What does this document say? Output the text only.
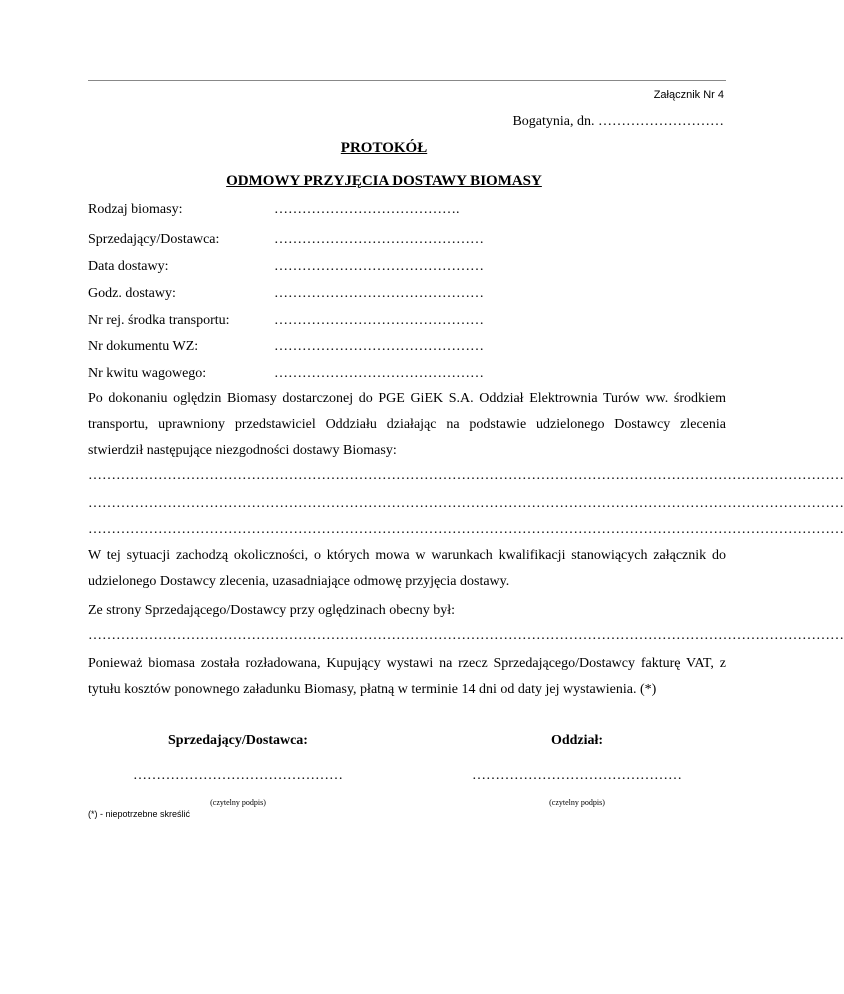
Załącznik Nr 4
Bogatynia, dn. ………………………
PROTOKÓŁ
ODMOWY PRZYJĘCIA DOSTAWY BIOMASY
Rodzaj biomasy:	………………………………….
Sprzedający/Dostawca:	………………………………………
Data dostawy:	………………………………………
Godz. dostawy:	………………………………………
Nr rej. środka transportu:	………………………………………
Nr dokumentu WZ:	………………………………………
Nr kwitu wagowego:	………………………………………
Po dokonaniu oględzin Biomasy dostarczonej do PGE GiEK S.A. Oddział Elektrownia Turów ww. środkiem transportu, uprawniony przedstawiciel Oddziału działając na podstawie udzielonego Dostawcy zlecenia stwierdził następujące niezgodności dostawy Biomasy:
………………………………………………………………………………………………………………………………………………
………………………………………………………………………………………………………………………………………………
………………………………………………………………………………………………………………………………………………
W tej sytuacji zachodzą okoliczności, o których mowa w warunkach kwalifikacji stanowiących załącznik do udzielonego Dostawcy zlecenia, uzasadniające odmowę przyjęcia dostawy.
Ze strony Sprzedającego/Dostawcy przy oględzinach obecny był:
………………………………………………………………………………………………………………………………………………
Ponieważ biomasa została rozładowana, Kupujący wystawi na rzecz Sprzedającego/Dostawcy fakturę VAT, z tytułu kosztów ponownego załadunku Biomasy, płatną w terminie 14 dni od daty jej wystawienia. (*)
Sprzedający/Dostawca:
………………………………………
(czytelny podpis)
Oddział:
………………………………………
(czytelny podpis)
(*) - niepotrzebne skreślić
